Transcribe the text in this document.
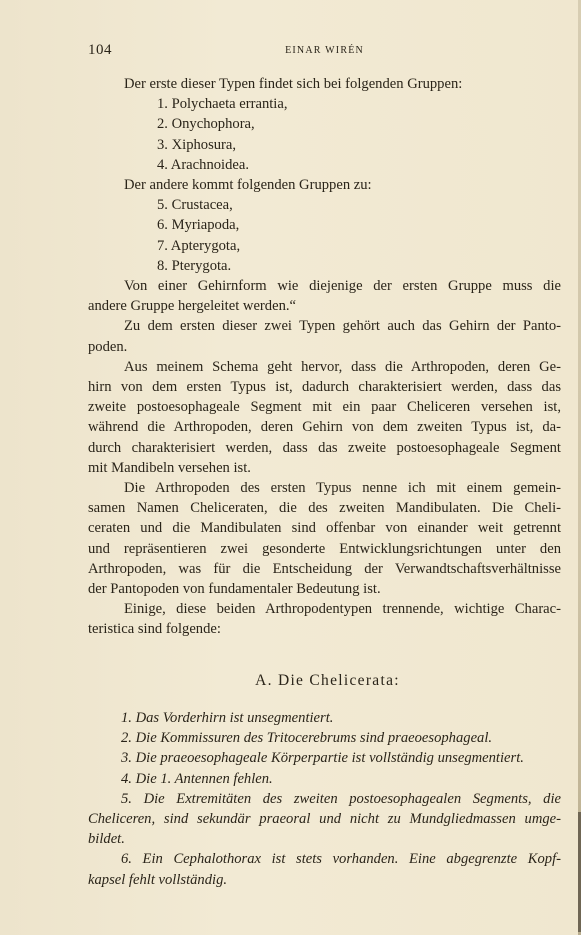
104	EINAR WIRÉN
Der erste dieser Typen findet sich bei folgenden Gruppen:
1. Polychaeta errantia,
2. Onychophora,
3. Xiphosura,
4. Arachnoidea.
Der andere kommt folgenden Gruppen zu:
5. Crustacea,
6. Myriapoda,
7. Apterygota,
8. Pterygota.
Von einer Gehirnform wie diejenige der ersten Gruppe muss die
andere Gruppe hergeleitet werden.“
Zu dem ersten dieser zwei Typen gehört auch das Gehirn der Panto-
poden.
Aus meinem Schema geht hervor, dass die Arthropoden, deren Ge-
hirn von dem ersten Typus ist, dadurch charakterisiert werden, dass das
zweite postoesophageale Segment mit ein paar Cheliceren versehen ist,
während die Arthropoden, deren Gehirn von dem zweiten Typus ist, da-
durch charakterisiert werden, dass das zweite postoesophageale Segment
mit Mandibeln versehen ist.
Die Arthropoden des ersten Typus nenne ich mit einem gemein-
samen Namen Cheliceraten, die des zweiten Mandibulaten. Die Cheli-
ceraten und die Mandibulaten sind offenbar von einander weit getrennt
und repräsentieren zwei gesonderte Entwicklungsrichtungen unter den
Arthropoden, was für die Entscheidung der Verwandtschaftsverhältnisse
der Pantopoden von fundamentaler Bedeutung ist.
Einige, diese beiden Arthropodentypen trennende, wichtige Charac-
teristica sind folgende:
A. Die Chelicerata:
1. Das Vorderhirn ist unsegmentiert.
2. Die Kommissuren des Tritocerebrums sind praeoesophageal.
3. Die praeoesophageale Körperpartie ist vollständig unsegmentiert.
4. Die 1. Antennen fehlen.
5. Die Extremitäten des zweiten postoesophagealen Segments, die
Cheliceren, sind sekundär praeoral und nicht zu Mundgliedmassen umge-
bildet.
6. Ein Cephalothorax ist stets vorhanden. Eine abgegrenzte Kopf-
kapsel fehlt vollständig.
